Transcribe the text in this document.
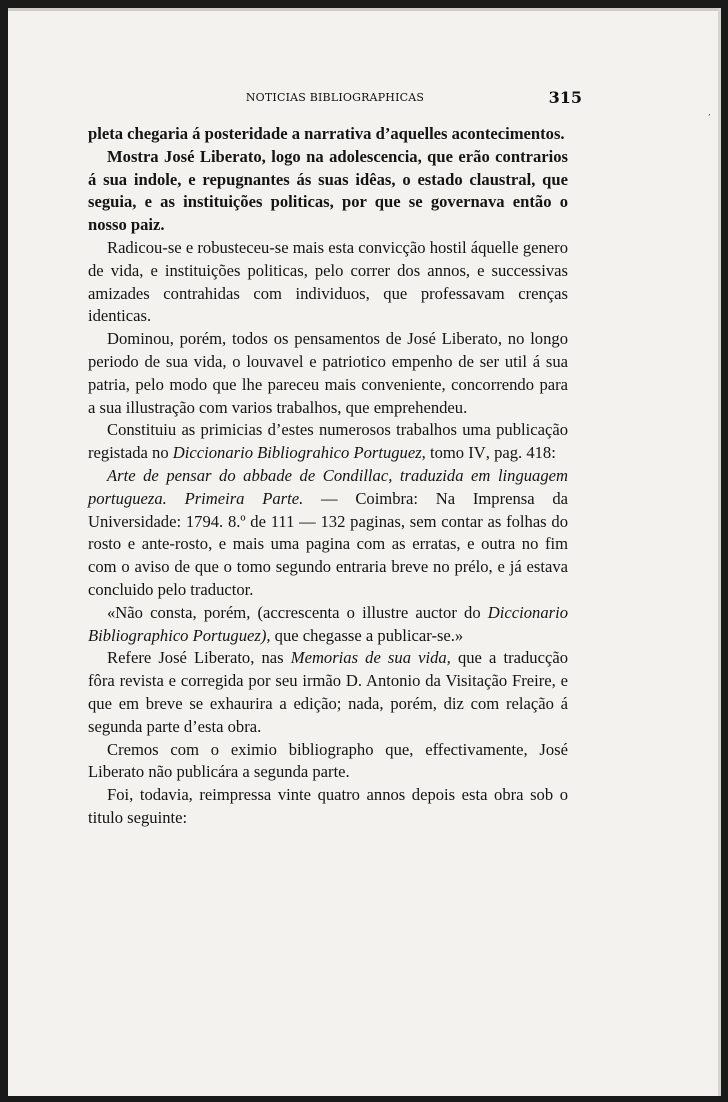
NOTICIAS BIBLIOGRAPHICAS	315

pleta chegaria á posteridade a narrativa d’aquelles acontecimentos.

Mostra José Liberato, logo na adolescencia, que erão contrarios á sua indole, e repugnantes ás suas idêas, o estado claustral, que seguia, e as instituições politicas, por que se governava então o nosso paiz.

Radicou-se e robusteceu-se mais esta convicção hostil áquelle genero de vida, e instituições politicas, pelo correr dos annos, e successivas amizades contrahidas com individuos, que professavam crenças identicas.

Dominou, porém, todos os pensamentos de José Liberato, no longo periodo de sua vida, o louvavel e patriotico empenho de ser util á sua patria, pelo modo que lhe pareceu mais conveniente, concorrendo para a sua illustração com varios trabalhos, que emprehendeu.

Constituiu as primicias d’estes numerosos trabalhos uma publicação registada no Diccionario Bibliograhico Portuguez, tomo IV, pag. 418:

Arte de pensar do abbade de Condillac, traduzida em linguagem portugueza. Primeira Parte. — Coimbra: Na Imprensa da Universidade: 1794. 8.º de 111 — 132 paginas, sem contar as folhas do rosto e ante-rosto, e mais uma pagina com as erratas, e outra no fim com o aviso de que o tomo segundo entraria breve no prélo, e já estava concluido pelo traductor.

«Não consta, porém, (accrescenta o illustre auctor do Diccionario Bibliographico Portuguez), que chegasse a publicar-se.»

Refere José Liberato, nas Memorias de sua vida, que a traducção fôra revista e corregida por seu irmão D. Antonio da Visitação Freire, e que em breve se exhaurira a edição; nada, porém, diz com relação á segunda parte d’esta obra.

Cremos com o eximio bibliographo que, effectivamente, José Liberato não publicára a segunda parte.

Foi, todavia, reimpressa vinte quatro annos depois esta obra sob o titulo seguinte:

’
